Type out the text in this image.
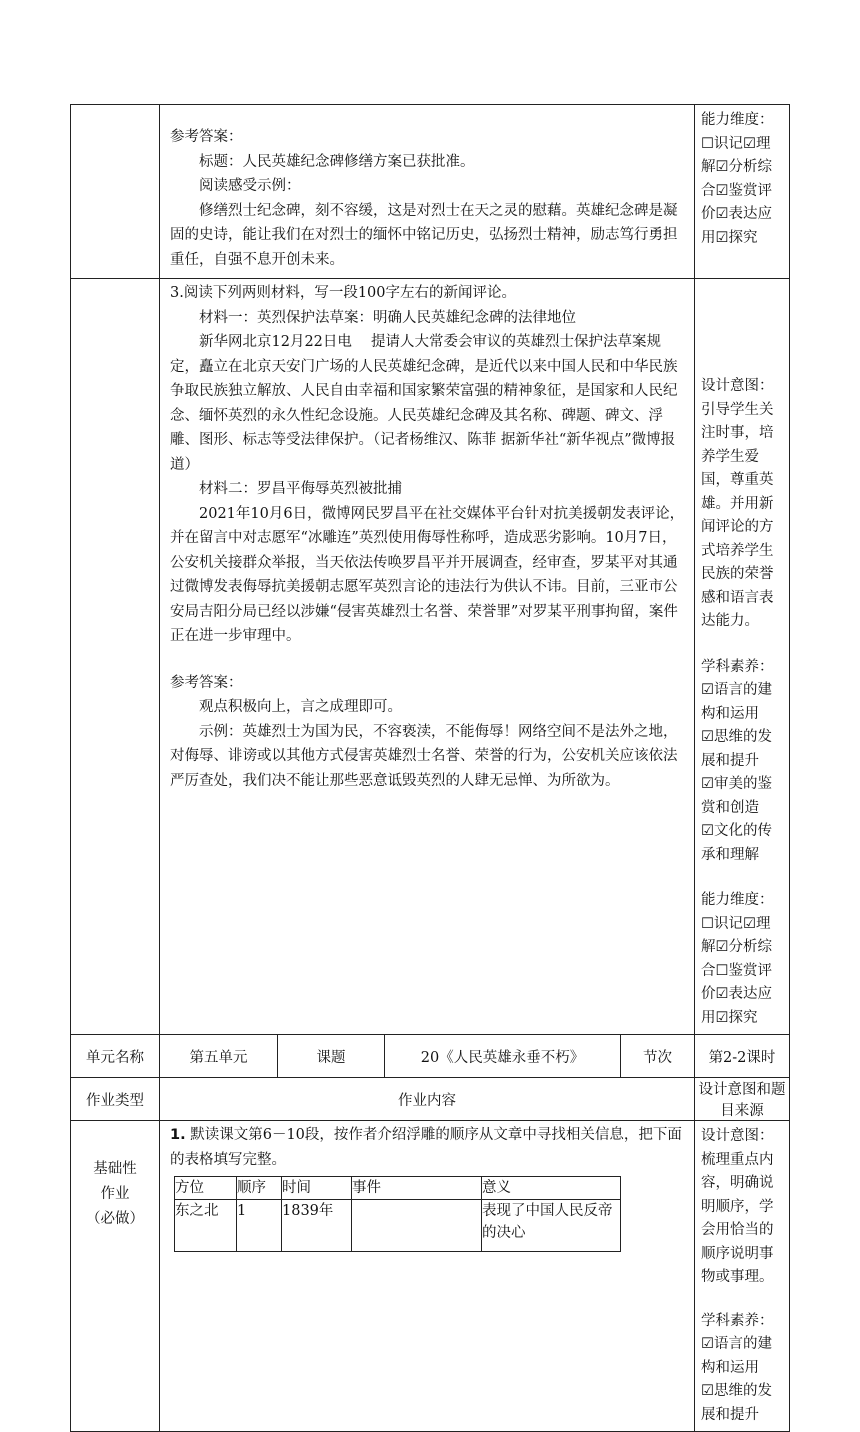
参考答案：

标题：人民英雄纪念碑修缮方案已获批准。

阅读感受示例：

修缮烈士纪念碑，刻不容缓，这是对烈士在天之灵的慰藉。英雄纪念碑是凝固的史诗，能让我们在对烈士的缅怀中铭记历史，弘扬烈士精神，励志笃行勇担重任，自强不息开创未来。

能力维度：
☐识记☑理解☑分析综
合☑鉴赏评价☑表达应
用☑探究

3.阅读下列两则材料，写一段100字左右的新闻评论。

材料一：英烈保护法草案：明确人民英雄纪念碑的法律地位

新华网北京12月22日电　 提请人大常委会审议的英雄烈士保护法草案规定，矗立在北京天安门广场的人民英雄纪念碑，是近代以来中国人民和中华民族争取民族独立解放、人民自由幸福和国家繁荣富强的精神象征，是国家和人民纪念、缅怀英烈的永久性纪念设施。人民英雄纪念碑及其名称、碑题、碑文、浮雕、图形、标志等受法律保护。（记者杨维汉、陈菲 据新华社“新华视点”微博报道）

材料二：罗昌平侮辱英烈被批捕

2021年10月6日，微博网民罗昌平在社交媒体平台针对抗美援朝发表评论，并在留言中对志愿军“冰雕连”英烈使用侮辱性称呼，造成恶劣影响。10月7日，公安机关接群众举报，当天依法传唤罗昌平并开展调查，经审查，罗某平对其通过微博发表侮辱抗美援朝志愿军英烈言论的违法行为供认不讳。目前，三亚市公安局吉阳分局已经以涉嫌“侵害英雄烈士名誉、荣誉罪”对罗某平刑事拘留，案件正在进一步审理中。

参考答案：

观点积极向上，言之成理即可。

示例：英雄烈士为国为民，不容亵渎，不能侮辱！网络空间不是法外之地，对侮辱、诽谤或以其他方式侵害英雄烈士名誉、荣誉的行为，公安机关应该依法严厉查处，我们决不能让那些恶意诋毁英烈的人肆无忌惮、为所欲为。

设计意图：
引导学生关注时事，培养学生爱国，尊重英雄。并用新闻评论的方式培养学生民族的荣誉感和语言表达能力。
学科素养：
☑语言的建构和运用
☑思维的发展和提升
☑审美的鉴赏和创造
☑文化的传承和理解
能力维度：
☐识记☑理解☑分析综
合☐鉴赏评价☑表达应
用☑探究

单元名称	第五单元	课题	20《人民英雄永垂不朽》	节次	第2-2课时
作业类型	作业内容	设计意图和题目来源

基础性
作业
（必做）

1. 默读课文第6－10段，按作者介绍浮雕的顺序从文章中寻找相关信息，把下面的表格填写完整。

方位	顺序	时间	事件	意义
东之北	1	1839年		表现了中国人民反帝的决心

设计意图：梳理重点内容，明确说明顺序，学会用恰当的顺序说明事物或事理。
学科素养：
☑语言的建构和运用
☑思维的发展和提升
